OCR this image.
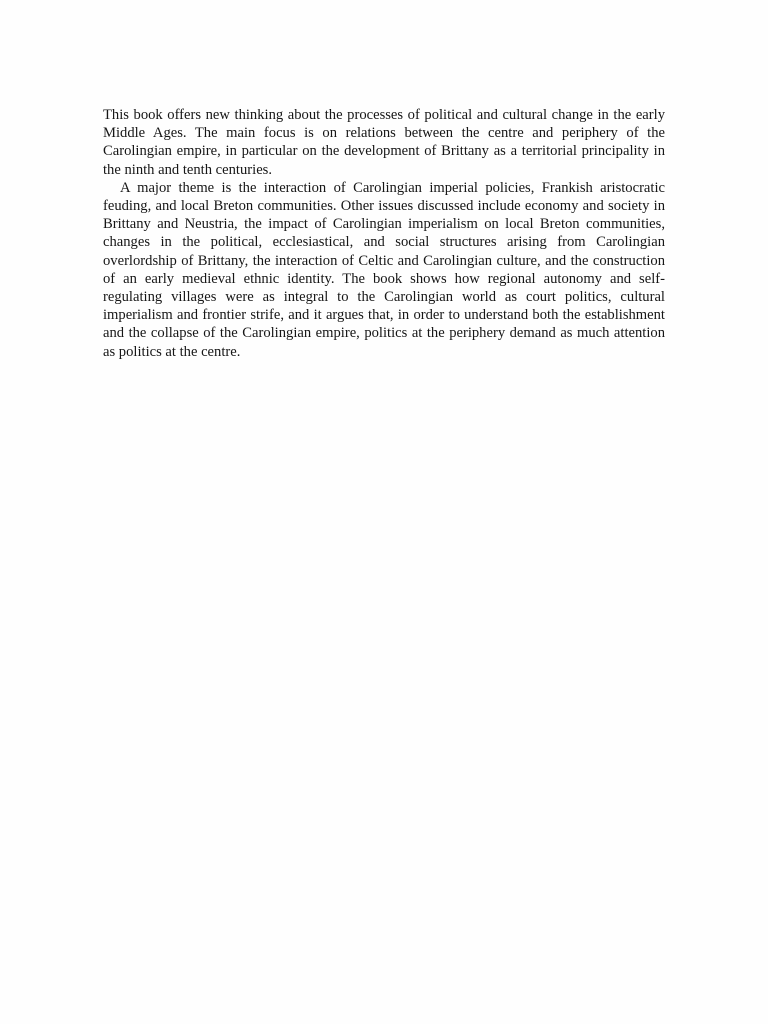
This book offers new thinking about the processes of political and cultural change in the early Middle Ages. The main focus is on relations between the centre and periphery of the Carolingian empire, in particular on the development of Brittany as a territorial principality in the ninth and tenth centuries.

A major theme is the interaction of Carolingian imperial policies, Frankish aristocratic feuding, and local Breton communities. Other issues discussed include economy and society in Brittany and Neustria, the impact of Carolingian imperialism on local Breton communities, changes in the political, ecclesiastical, and social structures arising from Carolingian overlordship of Brittany, the interaction of Celtic and Carolingian culture, and the construction of an early medieval ethnic identity. The book shows how regional autonomy and self-regulating villages were as integral to the Carolingian world as court politics, cultural imperialism and frontier strife, and it argues that, in order to understand both the establishment and the collapse of the Carolingian empire, politics at the periphery demand as much attention as politics at the centre.
